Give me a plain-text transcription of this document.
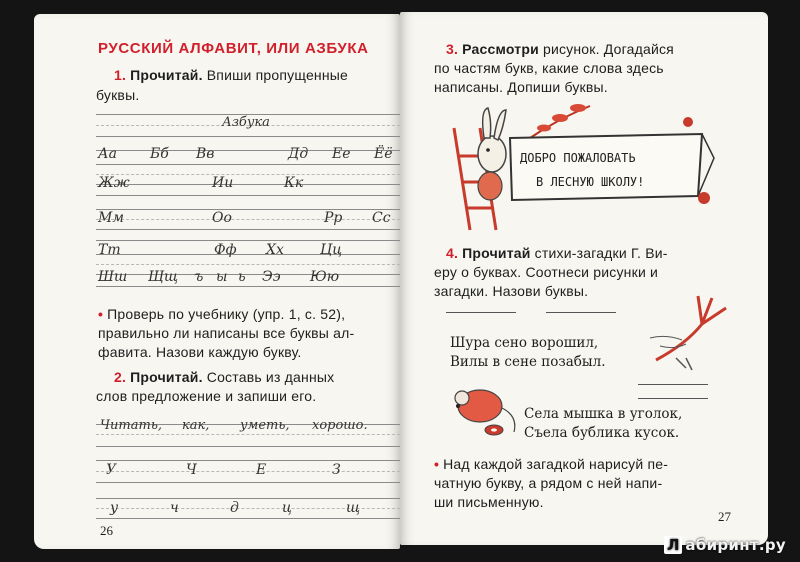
РУССКИЙ АЛФАВИТ, ИЛИ АЗБУКА
1. Прочитай. Впиши пропущенные
буквы.
Азбука
Аа Бб Вв	Дд Ее Ёё
Жж	Ии	Кк
Мм	Оо	Рр Сс
Тт	Фф Хх	Цц
Шш Щщ ъ ы ь Ээ Юю
• Проверь по учебнику (упр. 1, с. 52),
правильно ли написаны все буквы ал-
фавита. Назови каждую букву.
2. Прочитай. Составь из данных
слов предложение и запиши его.
Читать, как, уметь, хорошо.
У	Ч	Е	З
у	ч	д	ц	щ
26
3. Рассмотри рисунок. Догадайся
по частям букв, какие слова здесь
написаны. Допиши буквы.
ДОБРО ПОЖАЛОВАТЬ
В ЛЕСНУЮ ШКОЛУ!
4. Прочитай стихи-загадки Г. Ви-
еру о буквах. Соотнеси рисунки и
загадки. Назови буквы.
Шура сено ворошил,
Вилы в сене позабыл.
Села мышка в уголок,
Съела бублика кусок.
• Над каждой загадкой нарисуй пе-
чатную букву, а рядом с ней напи-
ши письменную.
27
Л абиринт.ру
